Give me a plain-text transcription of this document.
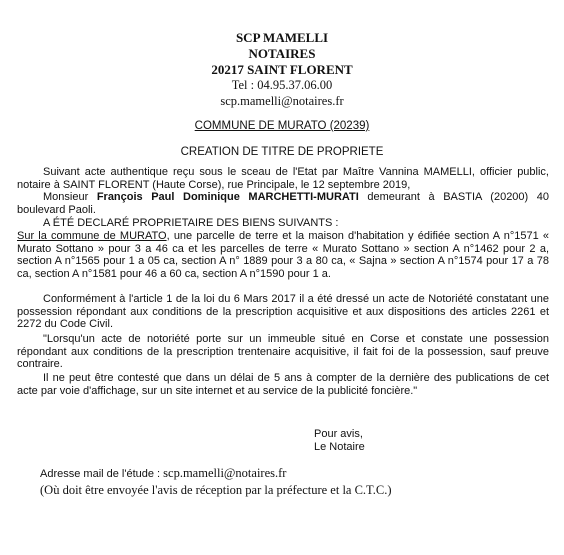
SCP MAMELLI
NOTAIRES
20217 SAINT FLORENT
Tel : 04.95.37.06.00
scp.mamelli@notaires.fr
COMMUNE DE MURATO (20239)
CREATION DE TITRE DE PROPRIETE

Suivant acte authentique reçu sous le sceau de l'Etat par Maître Vannina MAMELLI, officier public, notaire à SAINT FLORENT (Haute Corse), rue Principale, le 12 septembre 2019,

Monsieur François Paul Dominique MARCHETTI-MURATI demeurant à BASTIA (20200) 40 boulevard Paoli.

A ÉTÉ DECLARÉ PROPRIETAIRE DES BIENS SUIVANTS :

Sur la commune de MURATO, une parcelle de terre et la maison d'habitation y édifiée section A n°1571 « Murato Sottano » pour 3 a 46 ca et les parcelles de terre « Murato Sottano » section A n°1462 pour 2 a, section A n°1565 pour 1 a 05 ca, section A n° 1889 pour 3 a 80 ca, « Sajna » section A n°1574 pour 17 a 78 ca, section A n°1581 pour 46 a 60 ca, section A n°1590 pour 1 a.

Conformément à l'article 1 de la loi du 6 Mars 2017 il a été dressé un acte de Notoriété constatant une possession répondant aux conditions de la prescription acquisitive et aux dispositions des articles 2261 et 2272 du Code Civil.

"Lorsqu'un acte de notoriété porte sur un immeuble situé en Corse et constate une possession répondant aux conditions de la prescription trentenaire acquisitive, il fait foi de la possession, sauf preuve contraire.

Il ne peut être contesté que dans un délai de 5 ans à compter de la dernière des publications de cet acte par voie d'affichage, sur un site internet et au service de la publicité foncière."

Pour avis,
Le Notaire
Adresse mail de l'étude : scp.mamelli@notaires.fr
(Où doit être envoyée l'avis de réception par la préfecture et la C.T.C.)
